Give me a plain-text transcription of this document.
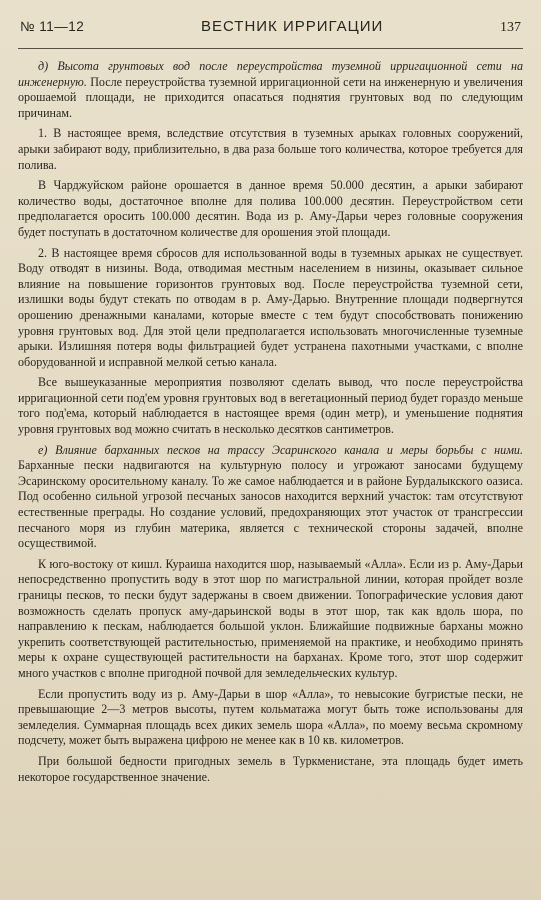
№ 11—12	ВЕСТНИК ИРРИГАЦИИ	137

д) Высота грунтовых вод после переустройства туземной ирригационной сети на инженерную. После переустройства туземной ирригационной сети на инженерную и увеличения орошаемой площади, не приходится опасаться поднятия грунтовых вод по следующим причинам.

1. В настоящее время, вследствие отсутствия в туземных арыках головных сооружений, арыки забирают воду, приблизительно, в два раза больше того количества, которое требуется для полива.

В Чарджуйском районе орошается в данное время 50.000 десятин, а арыки забирают количество воды, достаточное вполне для полива 100.000 десятин. Переустройством сети предполагается оросить 100.000 десятин. Вода из р. Аму-Дарьи через головные сооружения будет поступать в достаточном количестве для орошения этой площади.

2. В настоящее время сбросов для использованной воды в туземных арыках не существует. Воду отводят в низины. Вода, отводимая местным населением в низины, оказывает сильное влияние на повышение горизонтов грунтовых вод. После переустройства туземной сети, излишки воды будут стекать по отводам в р. Аму-Дарью. Внутренние площади подвергнутся орошению дренажными каналами, которые вместе с тем будут способствовать понижению уровня грунтовых вод. Для этой цели предполагается использовать многочисленные туземные арыки. Излишняя потеря воды фильтрацией будет устранена пахотными участками, с вполне оборудованной и исправной мелкой сетью канала.

Все вышеуказанные мероприятия позволяют сделать вывод, что после переустройства ирригационной сети под'ем уровня грунтовых вод в вегетационный период будет гораздо меньше того под'ема, который наблюдается в настоящее время (один метр), и уменьшение поднятия уровня грунтовых вод можно считать в несколько десятков сантиметров.

е) Влияние барханных песков на трассу Эсаринского канала и меры борьбы с ними. Барханные пески надвигаются на культурную полосу и угрожают заносами будущему Эсаринскому оросительному каналу. То же самое наблюдается и в районе Бурдалыкского оазиса. Под особенно сильной угрозой песчаных заносов находится верхний участок: там отсутствуют естественные преграды. Но создание условий, предохраняющих этот участок от трансгрессии песчаного моря из глубин материка, является с технической стороны задачей, вполне осуществимой.

К юго-востоку от кишл. Кураиша находится шор, называемый «Алла». Если из р. Аму-Дарьи непосредственно пропустить воду в этот шор по магистральной линии, которая пройдет возле границы песков, то пески будут задержаны в своем движении. Топографические условия дают возможность сделать пропуск аму-дарьинской воды в этот шор, так как вдоль шора, по направлению к пескам, наблюдается большой уклон. Ближайшие подвижные барханы можно укрепить соответствующей растительностью, применяемой на практике, и необходимо принять меры к охране существующей растительности на барханах. Кроме того, этот шор содержит много участков с вполне пригодной почвой для земледельческих культур.

Если пропустить воду из р. Аму-Дарьи в шор «Алла», то невысокие бугристые пески, не превышающие 2—3 метров высоты, путем кольматажа могут быть тоже использованы для земледелия. Суммарная площадь всех диких земель шора «Алла», по моему весьма скромному подсчету, может быть выражена цифрою не менее как в 10 кв. километров.

При большой бедности пригодных земель в Туркменистане, эта площадь будет иметь некоторое государственное значение.
